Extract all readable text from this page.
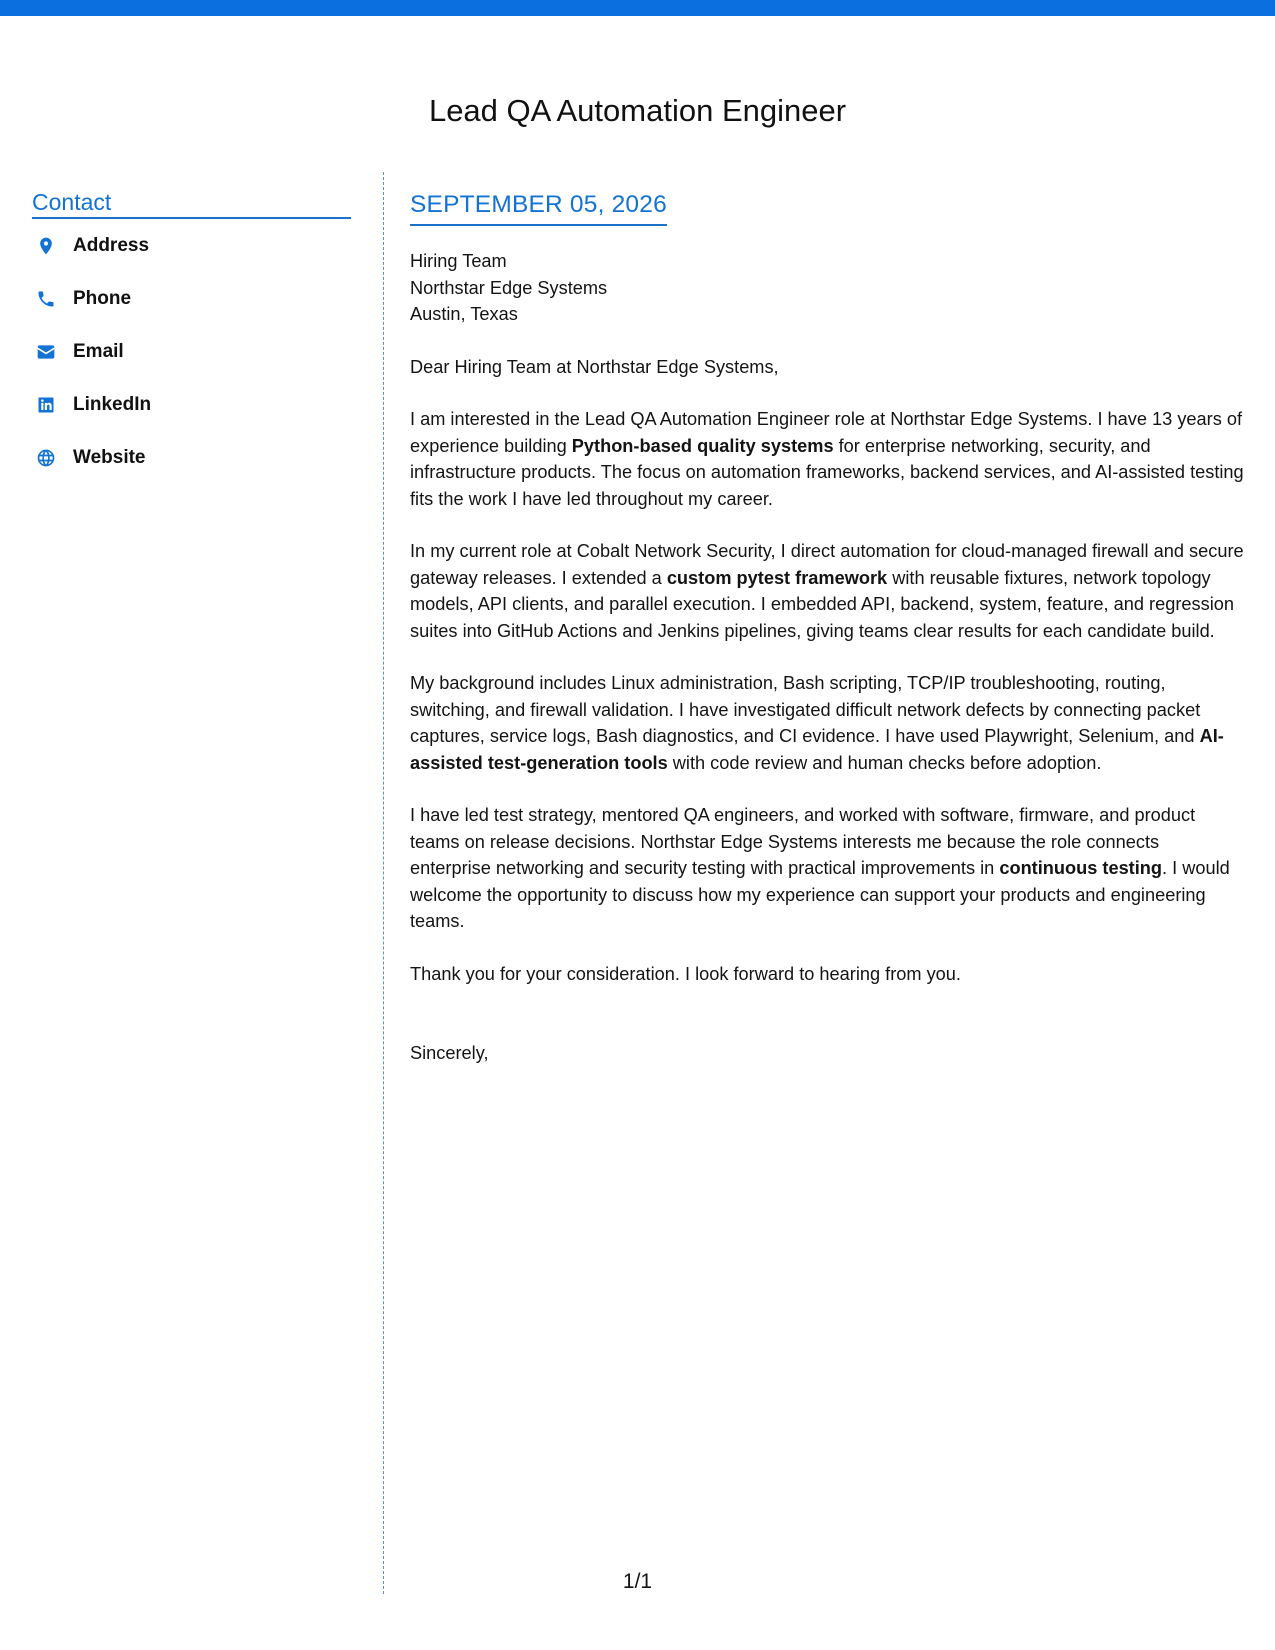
Lead QA Automation Engineer
Contact
Address
Phone
Email
LinkedIn
Website
SEPTEMBER 05, 2026
Hiring Team
Northstar Edge Systems
Austin, Texas

Dear Hiring Team at Northstar Edge Systems,

I am interested in the Lead QA Automation Engineer role at Northstar Edge Systems. I have 13 years of experience building Python-based quality systems for enterprise networking, security, and infrastructure products. The focus on automation frameworks, backend services, and AI-assisted testing fits the work I have led throughout my career.

In my current role at Cobalt Network Security, I direct automation for cloud-managed firewall and secure gateway releases. I extended a custom pytest framework with reusable fixtures, network topology models, API clients, and parallel execution. I embedded API, backend, system, feature, and regression suites into GitHub Actions and Jenkins pipelines, giving teams clear results for each candidate build.

My background includes Linux administration, Bash scripting, TCP/IP troubleshooting, routing, switching, and firewall validation. I have investigated difficult network defects by connecting packet captures, service logs, Bash diagnostics, and CI evidence. I have used Playwright, Selenium, and AI-assisted test-generation tools with code review and human checks before adoption.

I have led test strategy, mentored QA engineers, and worked with software, firmware, and product teams on release decisions. Northstar Edge Systems interests me because the role connects enterprise networking and security testing with practical improvements in continuous testing. I would welcome the opportunity to discuss how my experience can support your products and engineering teams.

Thank you for your consideration. I look forward to hearing from you.

Sincerely,

1/1
